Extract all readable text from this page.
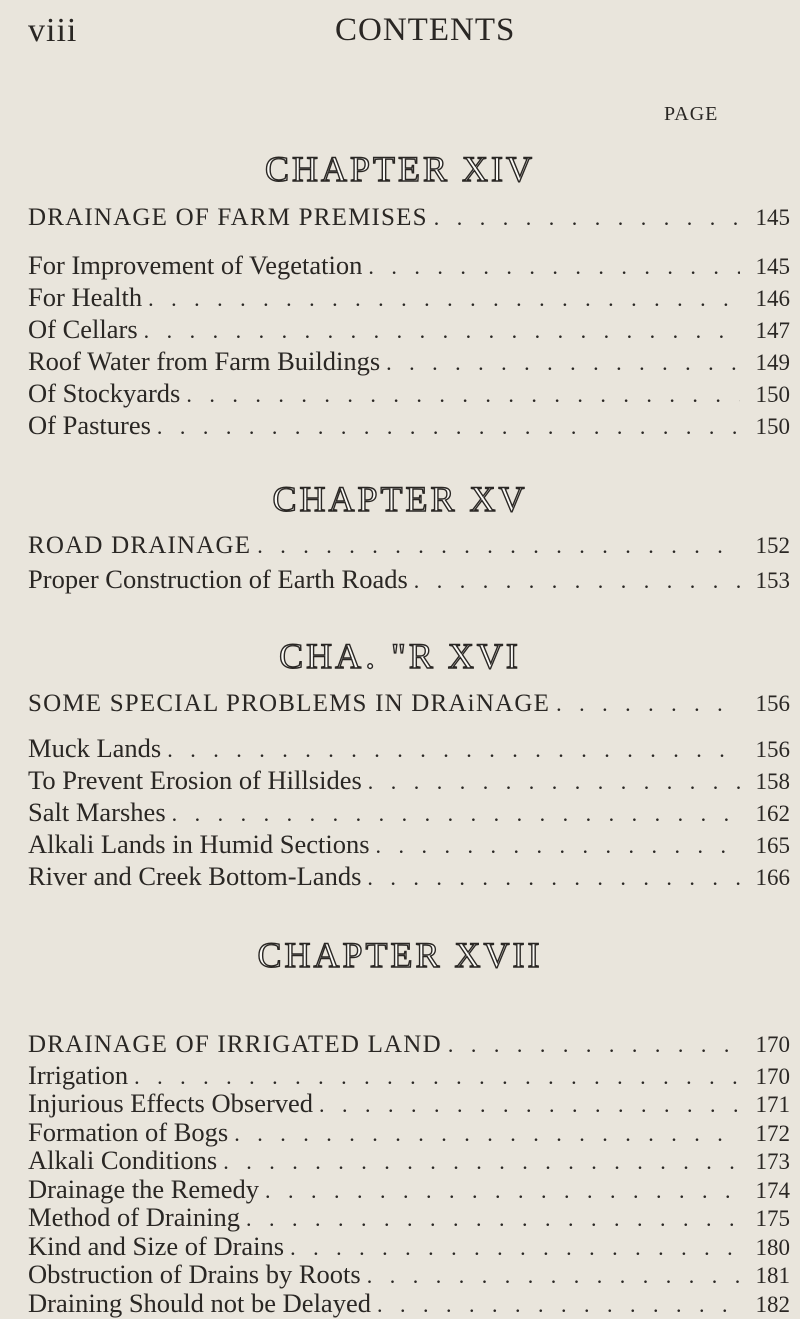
viii	CONTENTS
PAGE
CHAPTER XIV
DRAINAGE OF FARM PREMISES . . .	145
For Improvement of Vegetation . . .	145
For Health . . .	146
Of Cellars . . .	147
Roof Water from Farm Buildings . . .	149
Of Stockyards . . .	150
Of Pastures . . .	150
CHAPTER XV
ROAD DRAINAGE . . .	152
Proper Construction of Earth Roads . . .	153
CHA․ "R XVI
SOME SPECIAL PROBLEMS IN DRAiNAGE . . .	156
Muck Lands . . .	156
To Prevent Erosion of Hillsides . . .	158
Salt Marshes . . .	162
Alkali Lands in Humid Sections . . .	165
River and Creek Bottom-Lands . . .	166
CHAPTER XVII
DRAINAGE OF IRRIGATED LAND . . .	170
Irrigation . . .	170
Injurious Effects Observed . . .	171
Formation of Bogs . . .	172
Alkali Conditions . . .	173
Drainage the Remedy . . .	174
Method of Draining . . .	175
Kind and Size of Drains . . .	180
Obstruction of Drains by Roots . . .	181
Draining Should not be Delayed . . .	182
